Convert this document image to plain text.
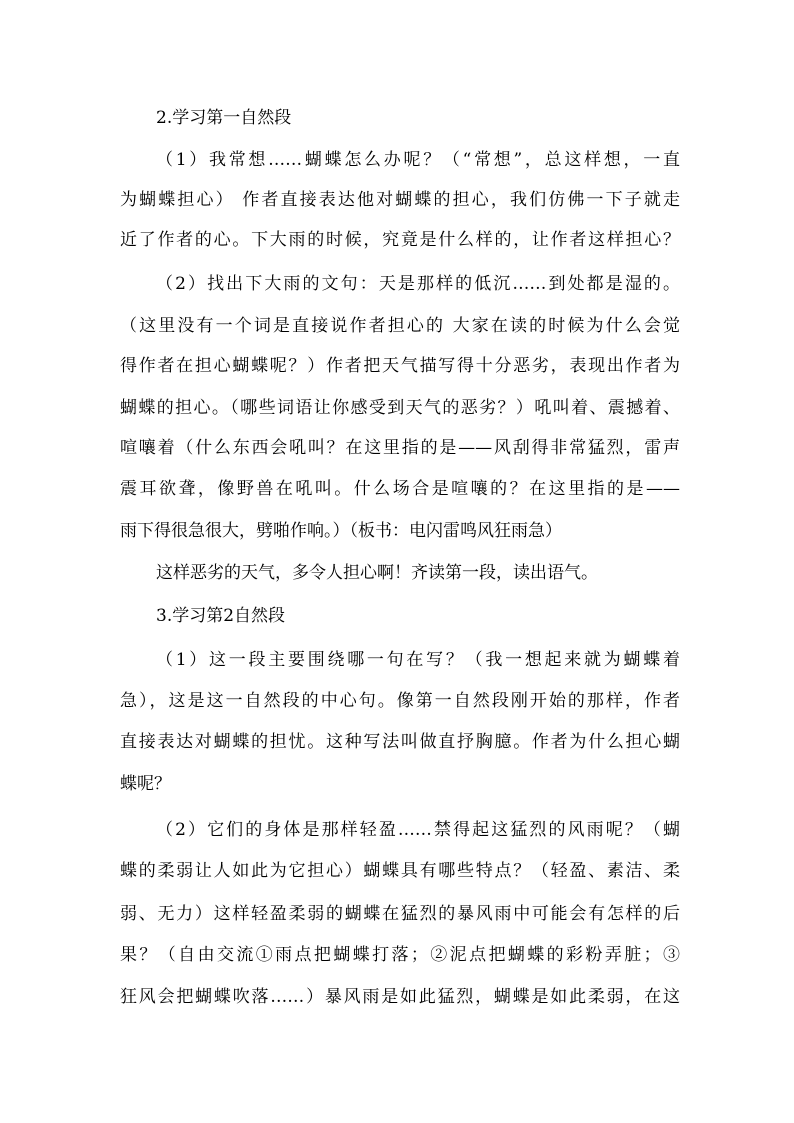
2.学习第一自然段
（1）我常想……蝴蝶怎么办呢？（“常想”，总这样想，一直
为蝴蝶担心） 作者直接表达他对蝴蝶的担心，我们仿佛一下子就走
近了作者的心。下大雨的时候，究竟是什么样的，让作者这样担心？
（2）找出下大雨的文句：天是那样的低沉……到处都是湿的。
（这里没有一个词是直接说作者担心的 大家在读的时候为什么会觉
得作者在担心蝴蝶呢？）作者把天气描写得十分恶劣，表现出作者为
蝴蝶的担心。（哪些词语让你感受到天气的恶劣？）吼叫着、震撼着、
喧嚷着（什么东西会吼叫？在这里指的是——风刮得非常猛烈，雷声
震耳欲聋，像野兽在吼叫。什么场合是喧嚷的？在这里指的是——
雨下得很急很大，劈啪作响。）（板书：电闪雷鸣风狂雨急）
这样恶劣的天气，多令人担心啊！齐读第一段，读出语气。
3.学习第2自然段
（1）这一段主要围绕哪一句在写？（我一想起来就为蝴蝶着
急），这是这一自然段的中心句。像第一自然段刚开始的那样，作者
直接表达对蝴蝶的担忧。这种写法叫做直抒胸臆。作者为什么担心蝴
蝶呢？
（2）它们的身体是那样轻盈……禁得起这猛烈的风雨呢？（蝴
蝶的柔弱让人如此为它担心）蝴蝶具有哪些特点？（轻盈、素洁、柔
弱、无力）这样轻盈柔弱的蝴蝶在猛烈的暴风雨中可能会有怎样的后
果？（自由交流①雨点把蝴蝶打落；②泥点把蝴蝶的彩粉弄脏；③
狂风会把蝴蝶吹落……）暴风雨是如此猛烈，蝴蝶是如此柔弱，在这
